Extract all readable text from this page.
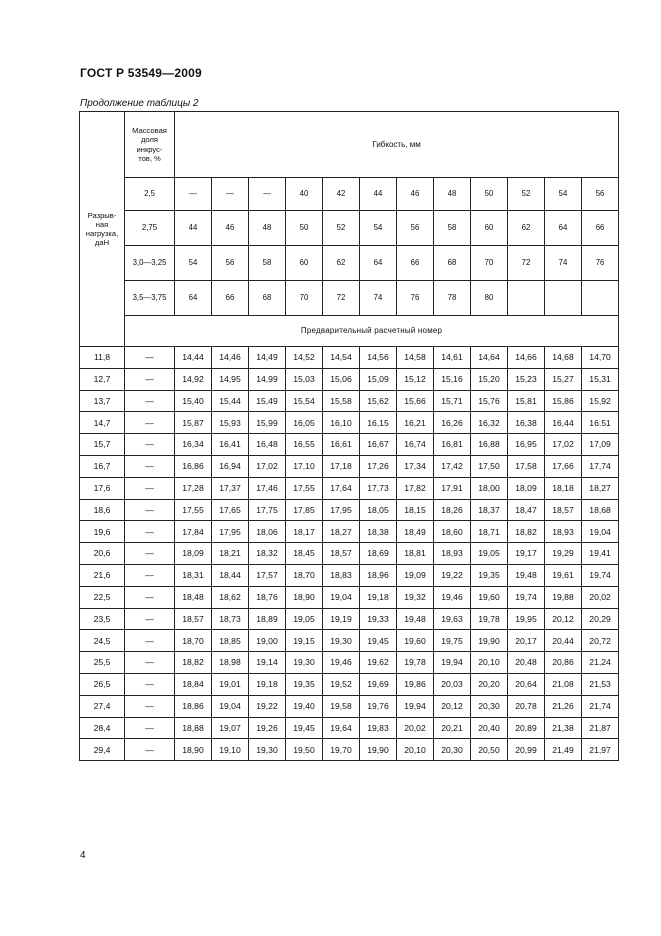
ГОСТ Р 53549—2009
Продолжение таблицы 2
Разрыв-
ная
нагрузка,
даН	Массовая
доля
инкрус-
тов, %	Гибкость, мм											
	2,5	—	—	—	40	42	44	46	48	50	52	54	56
	2,75	44	46	48	50	52	54	56	58	60	62	64	66
	3,0—3,25	54	56	58	60	62	64	66	68	70	72	74	76
	3,5—3,75	64	66	68	70	72	74	76	78	80			
	Предварительный расчетный номер												
11,8	—	14,44	14,46	14,49	14,52	14,54	14,56	14,58	14,61	14,64	14,66	14,68	14,70
12,7	—	14,92	14,95	14,99	15,03	15,06	15,09	15,12	15,16	15,20	15,23	15,27	15,31
13,7	—	15,40	15,44	15,49	15,54	15,58	15,62	15,66	15,71	15,76	15,81	15,86	15,92
14,7	—	15,87	15,93	15,99	16,05	16,10	16,15	16,21	16,26	16,32	16,38	16,44	16.51
15,7	—	16,34	16,41	16,48	16,55	16,61	16,67	16,74	16,81	16,88	16,95	17,02	17,09
16,7	—	16,86	16,94	17,02	17,10	17,18	17,26	17,34	17,42	17,50	17,58	17,66	17,74
17,6	—	17,28	17,37	17,46	17,55	17,64	17,73	17,82	17,91	18,00	18,09	18,18	18,27
18,6	—	17,55	17,65	17,75	17,85	17,95	18,05	18,15	18,26	18,37	18,47	18,57	18,68
19,6	—	17,84	17,95	18,06	18,17	18,27	18,38	18,49	18,60	18,71	18,82	18,93	19,04
20,6	—	18,09	18,21	18,32	18,45	18,57	18,69	18,81	18,93	19,05	19,17	19,29	19,41
21,6	—	18,31	18,44	17,57	18,70	18,83	18,96	19,09	19,22	19,35	19,48	19,61	19,74
22,5	—	18,48	18,62	18,76	18,90	19,04	19,18	19,32	19,46	19,60	19,74	19,88	20,02
23,5	—	18,57	18,73	18,89	19,05	19,19	19,33	19,48	19,63	19,78	19,95	20,12	20,29
24,5	—	18,70	18,85	19,00	19,15	19,30	19,45	19,60	19,75	19,90	20,17	20,44	20,72
25,5	—	18,82	18,98	19,14	19,30	19,46	19,62	19,78	19,94	20,10	20,48	20,86	21,24
26,5	—	18,84	19,01	19,18	19,35	19,52	19,69	19,86	20,03	20,20	20,64	21,08	21,53
27,4	—	18,86	19,04	19,22	19,40	19,58	19,76	19,94	20,12	20,30	20,78	21,26	21,74
28,4	—	18,88	19,07	19,26	19,45	19,64	19,83	20,02	20,21	20,40	20,89	21,38	21,87
29,4	—	18,90	19,10	19,30	19,50	19,70	19,90	20,10	20,30	20,50	20,99	21,49	21,97
4
